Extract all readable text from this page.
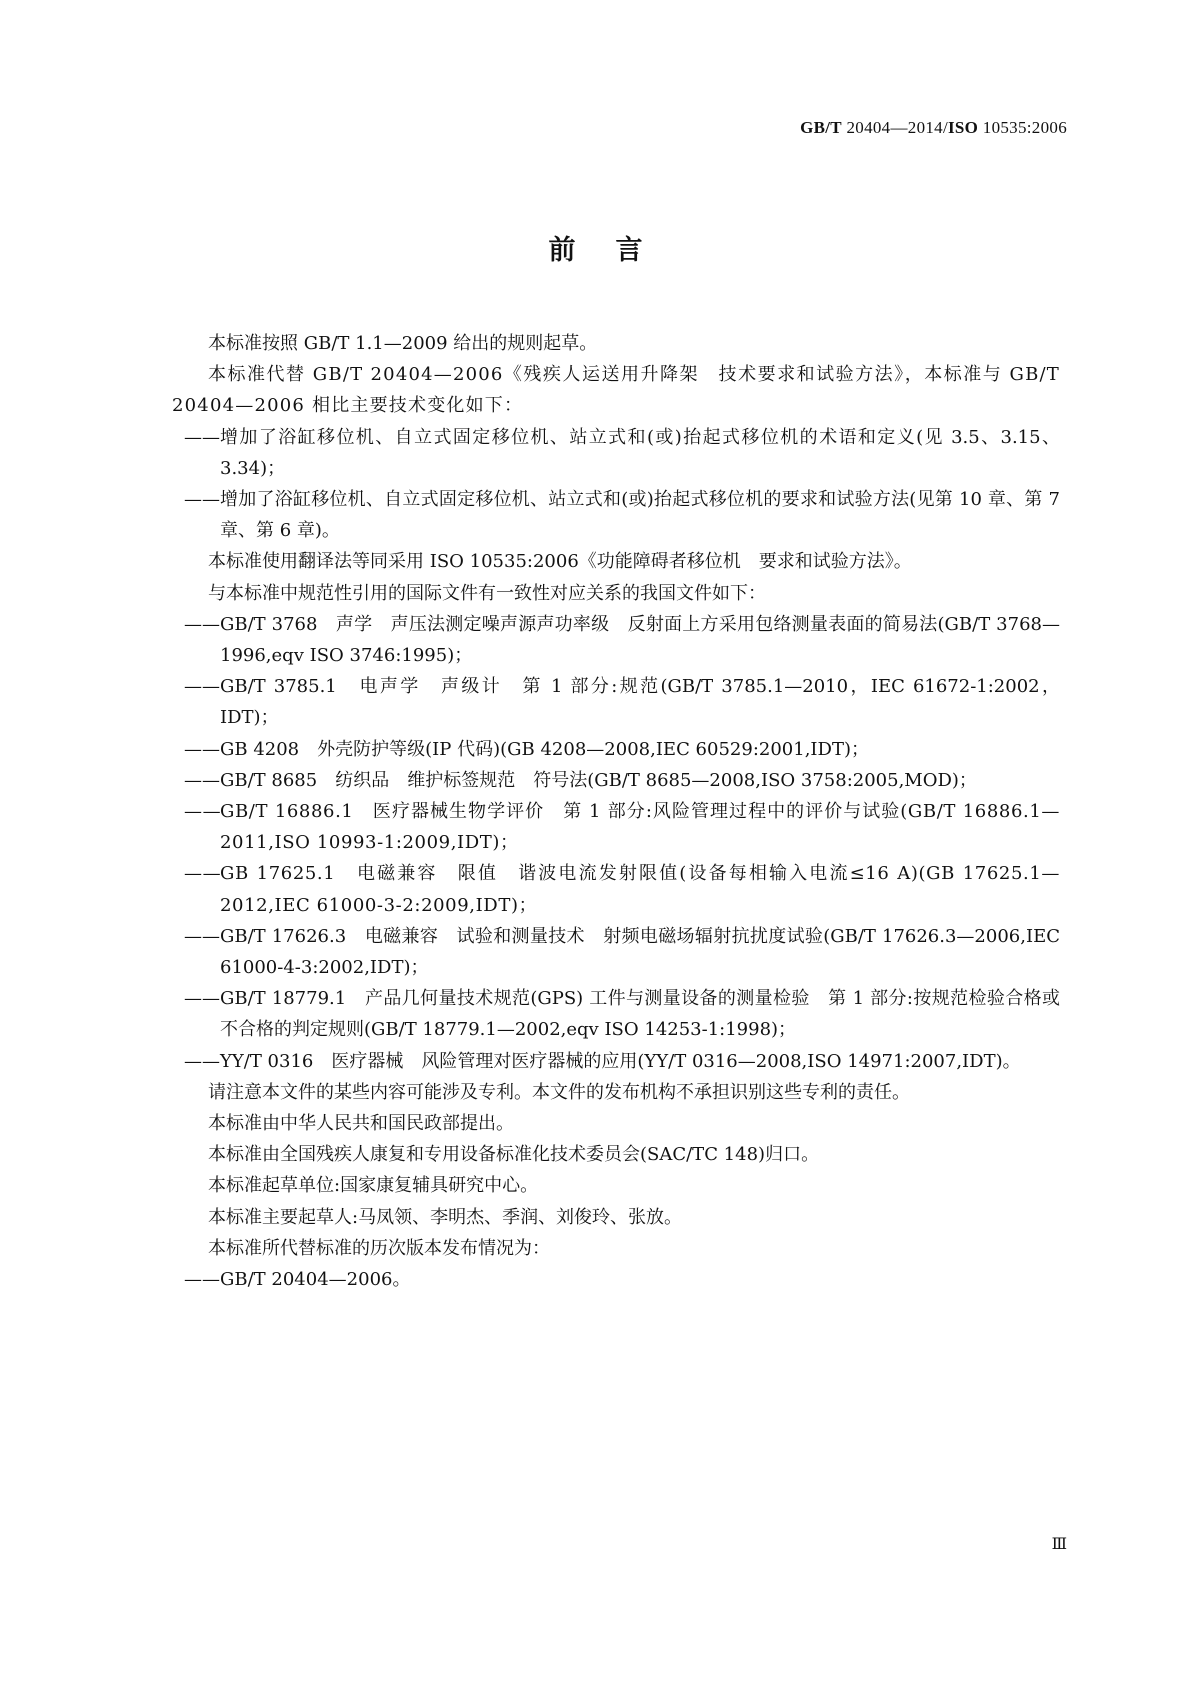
GB/T 20404—2014/ISO 10535:2006
前言

本标准按照 GB/T 1.1—2009 给出的规则起草。

本标准代替 GB/T 20404—2006《残疾人运送用升降架　技术要求和试验方法》，本标准与 GB/T 20404—2006 相比主要技术变化如下：

—— 增加了浴缸移位机、自立式固定移位机、站立式和(或)抬起式移位机的术语和定义(见 3.5、3.15、3.34)；

—— 增加了浴缸移位机、自立式固定移位机、站立式和(或)抬起式移位机的要求和试验方法(见第 10 章、第 7 章、第 6 章)。

本标准使用翻译法等同采用 ISO 10535:2006《功能障碍者移位机　要求和试验方法》。

与本标准中规范性引用的国际文件有一致性对应关系的我国文件如下：

—— GB/T 3768　声学　声压法测定噪声源声功率级　反射面上方采用包络测量表面的简易法(GB/T 3768—1996,eqv ISO 3746:1995)；

—— GB/T 3785.1　电声学　声级计　第 1 部分:规范(GB/T 3785.1—2010，IEC 61672-1:2002，IDT)；

—— GB 4208　外壳防护等级(IP 代码)(GB 4208—2008,IEC 60529:2001,IDT)；

—— GB/T 8685　纺织品　维护标签规范　符号法(GB/T 8685—2008,ISO 3758:2005,MOD)；

——
GB/T 16886.1　医疗器械生物学评价　第 1 部分:风险管理过程中的评价与试验(GB/T 16886.1—2011,ISO 10993-1:2009,IDT)；

——
GB 17625.1　电磁兼容　限值　谐波电流发射限值(设备每相输入电流≤16 A)(GB 17625.1—2012,IEC 61000-3-2:2009,IDT)；

—— GB/T 17626.3　电磁兼容　试验和测量技术　射频电磁场辐射抗扰度试验(GB/T 17626.3—2006,IEC 61000-4-3:2002,IDT)；

—— GB/T 18779.1　产品几何量技术规范(GPS) 工件与测量设备的测量检验　第 1 部分:按规范检验合格或不合格的判定规则(GB/T 18779.1—2002,eqv ISO 14253-1:1998)；

—— YY/T 0316　医疗器械　风险管理对医疗器械的应用(YY/T 0316—2008,ISO 14971:2007,IDT)。

请注意本文件的某些内容可能涉及专利。本文件的发布机构不承担识别这些专利的责任。

本标准由中华人民共和国民政部提出。

本标准由全国残疾人康复和专用设备标准化技术委员会(SAC/TC 148)归口。

本标准起草单位:国家康复辅具研究中心。

本标准主要起草人:马凤领、李明杰、季润、刘俊玲、张放。

本标准所代替标准的历次版本发布情况为：

—— GB/T 20404—2006。

Ⅲ
